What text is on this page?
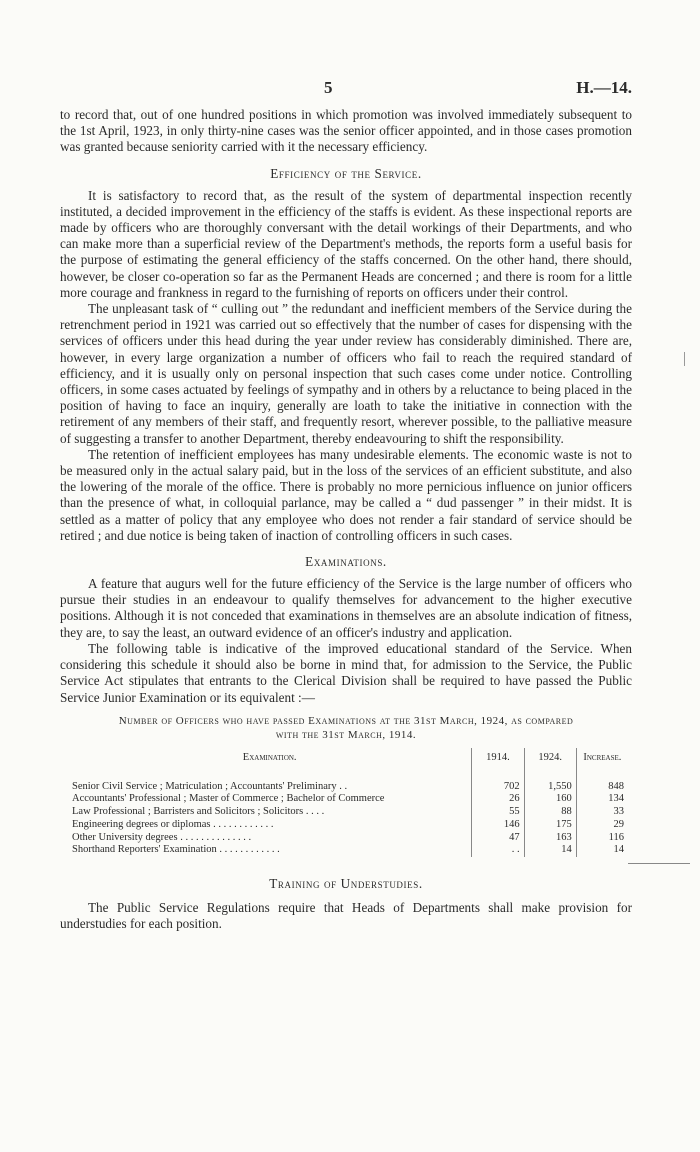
5	H.—14.

to record that, out of one hundred positions in which promotion was involved immediately subsequent to the 1st April, 1923, in only thirty-nine cases was the senior officer appointed, and in those cases promotion was granted because seniority carried with it the necessary efficiency.

Efficiency of the Service.

It is satisfactory to record that, as the result of the system of departmental inspection recently instituted, a decided improvement in the efficiency of the staffs is evident. As these inspectional reports are made by officers who are thoroughly conversant with the detail workings of their Departments, and who can make more than a superficial review of the Department's methods, the reports form a useful basis for the purpose of estimating the general efficiency of the staffs concerned. On the other hand, there should, however, be closer co-operation so far as the Permanent Heads are concerned ; and there is room for a little more courage and frankness in regard to the furnishing of reports on officers under their control.

The unpleasant task of “ culling out ” the redundant and inefficient members of the Service during the retrenchment period in 1921 was carried out so effectively that the number of cases for dispensing with the services of officers under this head during the year under review has considerably diminished. There are, however, in every large organization a number of officers who fail to reach the required standard of efficiency, and it is usually only on personal inspection that such cases come under notice. Controlling officers, in some cases actuated by feelings of sympathy and in others by a reluctance to being placed in the position of having to face an inquiry, generally are loath to take the initiative in connection with the retirement of any members of their staff, and frequently resort, wherever possible, to the palliative measure of suggesting a transfer to another Department, thereby endeavouring to shift the responsibility.

The retention of inefficient employees has many undesirable elements. The economic waste is not to be measured only in the actual salary paid, but in the loss of the services of an efficient substitute, and also the lowering of the morale of the office. There is probably no more pernicious influence on junior officers than the presence of what, in colloquial parlance, may be called a “ dud passenger ” in their midst. It is settled as a matter of policy that any employee who does not render a fair standard of service should be retired ; and due notice is being taken of inaction of controlling officers in such cases.

Examinations.

A feature that augurs well for the future efficiency of the Service is the large number of officers who pursue their studies in an endeavour to qualify themselves for advancement to the higher executive positions. Although it is not conceded that examinations in themselves are an absolute indication of fitness, they are, to say the least, an outward evidence of an officer's industry and application.

The following table is indicative of the improved educational standard of the Service. When considering this schedule it should also be borne in mind that, for admission to the Service, the Public Service Act stipulates that entrants to the Clerical Division shall be required to have passed the Public Service Junior Examination or its equivalent :—

Number of Officers who have passed Examinations at the 31st March, 1924, as compared
with the 31st March, 1914.
Examination.	1914.	1924.	Increase.
Senior Civil Service ; Matriculation ; Accountants' Preliminary . .	702	1,550	848
Accountants' Professional ; Master of Commerce ; Bachelor of Commerce	26	160	134
Law Professional ; Barristers and Solicitors ; Solicitors . . . .	55	88	33
Engineering degrees or diplomas . . . . . . . . . . . .	146	175	29
Other University degrees . . . . . . . . . . . . . .	47	163	116
Shorthand Reporters' Examination . . . . . . . . . . . .	. .	14	14
Training of Understudies.

The Public Service Regulations require that Heads of Departments shall make provision for understudies for each position.
